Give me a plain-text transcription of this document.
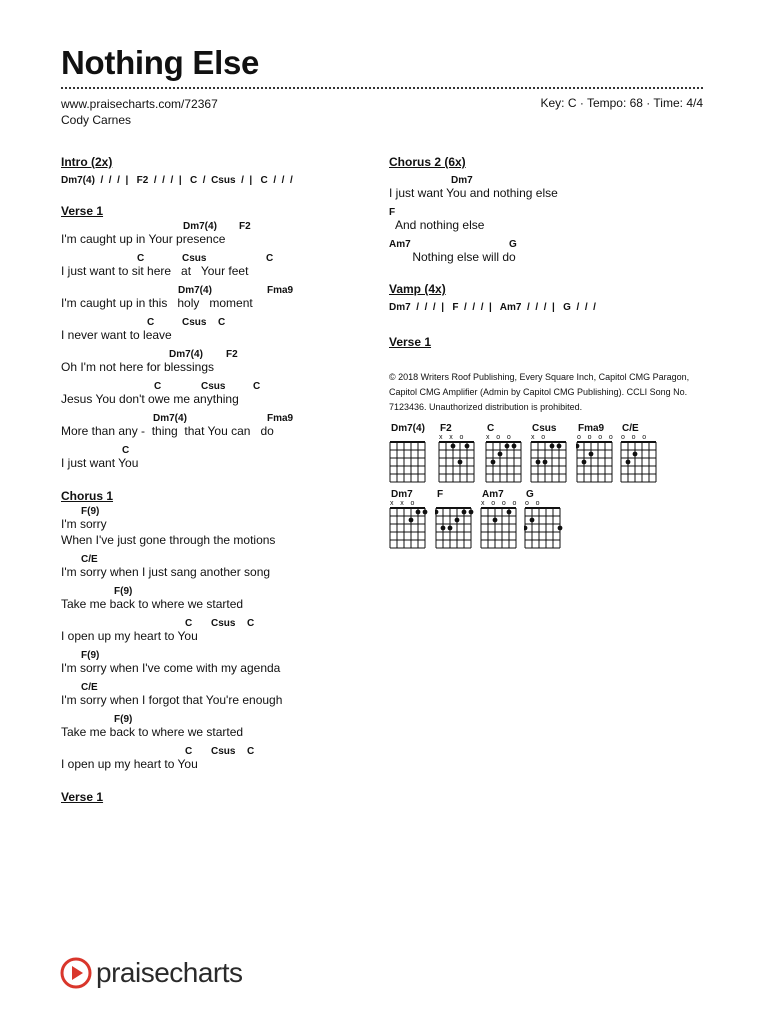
Nothing Else
www.praisecharts.com/72367
Cody Carnes
Key: C · Tempo: 68 · Time: 4/4
Intro (2x)
Dm7(4)  /  /  /  |   F2  /  /  /  |   C  /  Csus  /  |   C  /  /  /
Verse 1
Dm7(4) F2
I'm caught up in Your presence
C	Csus	C
I just want to sit here   at   Your feet
Dm7(4)	Fma9
I'm caught up in this   holy   moment
C	Csus C
I never want to leave
Dm7(4) F2
Oh I'm not here for blessings
C	Csus	C
Jesus You don't owe me anything
Dm7(4)	Fma9
More than any -  thing  that You can   do
C
I just want You
Chorus 1
F(9)
I'm sorry
When I've just gone through the motions
C/E
I'm sorry when I just sang another song
F(9)
Take me back to where we started
C Csus C
I open up my heart to You
F(9)
I'm sorry when I've come with my agenda
C/E
I'm sorry when I forgot that You're enough
F(9)
Take me back to where we started
C Csus C
I open up my heart to You
Verse 1
Chorus 2 (6x)
Dm7
I just want You and nothing else
F
And nothing else
Am7	G
Nothing else will do
Vamp (4x)
Dm7  /  /  /  |   F  /  /  /  |   Am7  /  /  /  |   G  /  /  /
Verse 1
© 2018 Writers Roof Publishing, Every Square Inch, Capitol CMG Paragon, Capitol CMG Amplifier (Admin by Capitol CMG Publishing). CCLI Song No. 7123436. Unauthorized distribution is prohibited.
Dm7(4) F2
x x o
C
x o o
Csus
x o
Fma9
o o o o
C/E
o o o
Dm7
x x o
F	Am7
x o o o
G
o o
praisecharts
